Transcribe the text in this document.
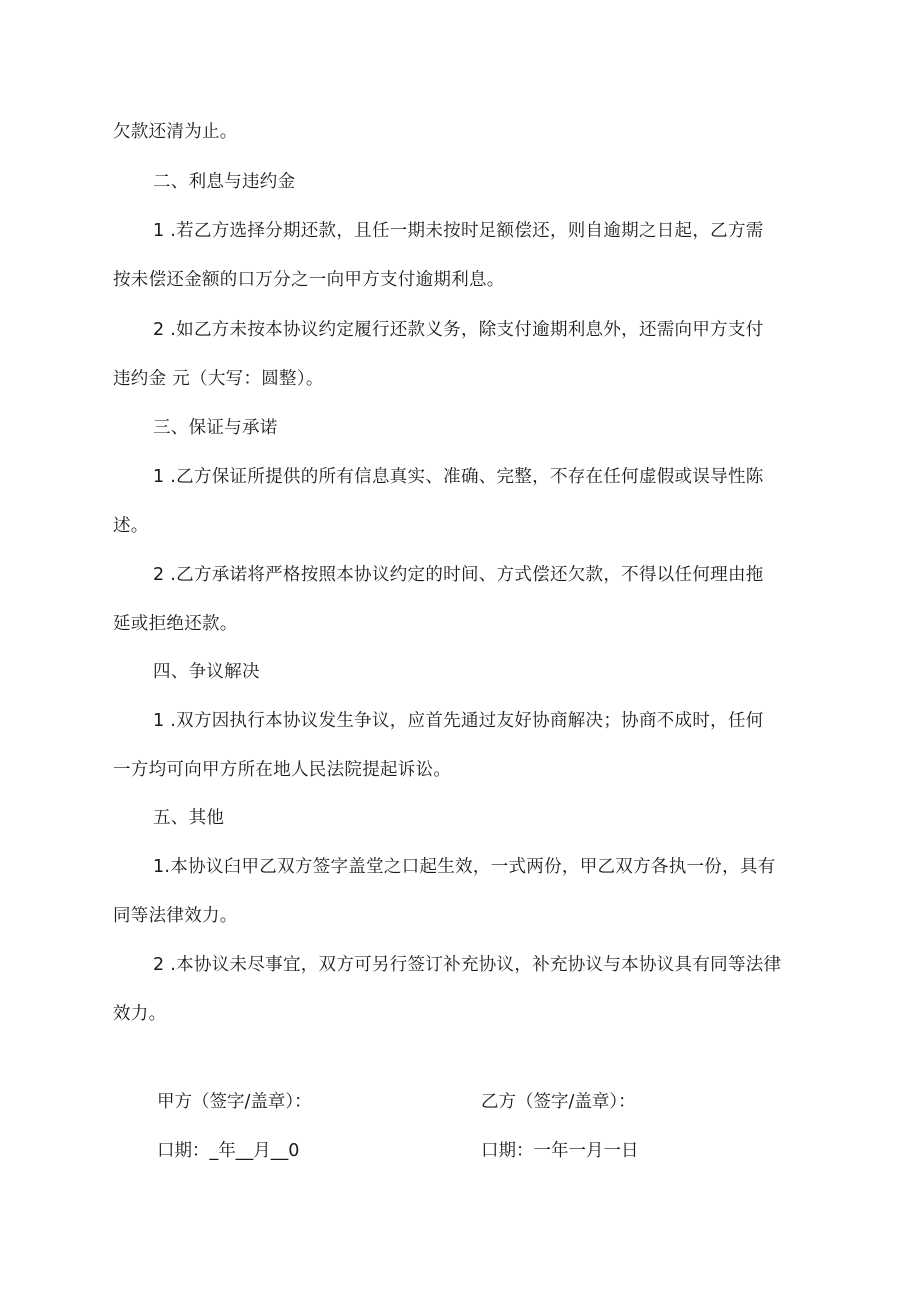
欠款还清为止。
二、利息与违约金
1 .若乙方选择分期还款，且任一期未按时足额偿还，则自逾期之日起，乙方需
按未偿还金额的口万分之一向甲方支付逾期利息。
2 .如乙方未按本协议约定履行还款义务，除支付逾期利息外，还需向甲方支付
违约金 元（大写：圆整）。
三、保证与承诺
1 .乙方保证所提供的所有信息真实、准确、完整，不存在任何虚假或误导性陈
述。
2 .乙方承诺将严格按照本协议约定的时间、方式偿还欠款，不得以任何理由拖
延或拒绝还款。
四、争议解决
1 .双方因执行本协议发生争议，应首先通过友好协商解决；协商不成时，任何
一方均可向甲方所在地人民法院提起诉讼。
五、其他
1.本协议臼甲乙双方签字盖堂之口起生效，一式两份，甲乙双方各执一份，具有
同等法律效力。
2 .本协议未尽事宜，双方可另行签订补充协议，补充协议与本协议具有同等法律
效力。
甲方（签字/盖章）：	乙方（签字/盖章）：
口期：_年__月__0	口期：一年一月一日
